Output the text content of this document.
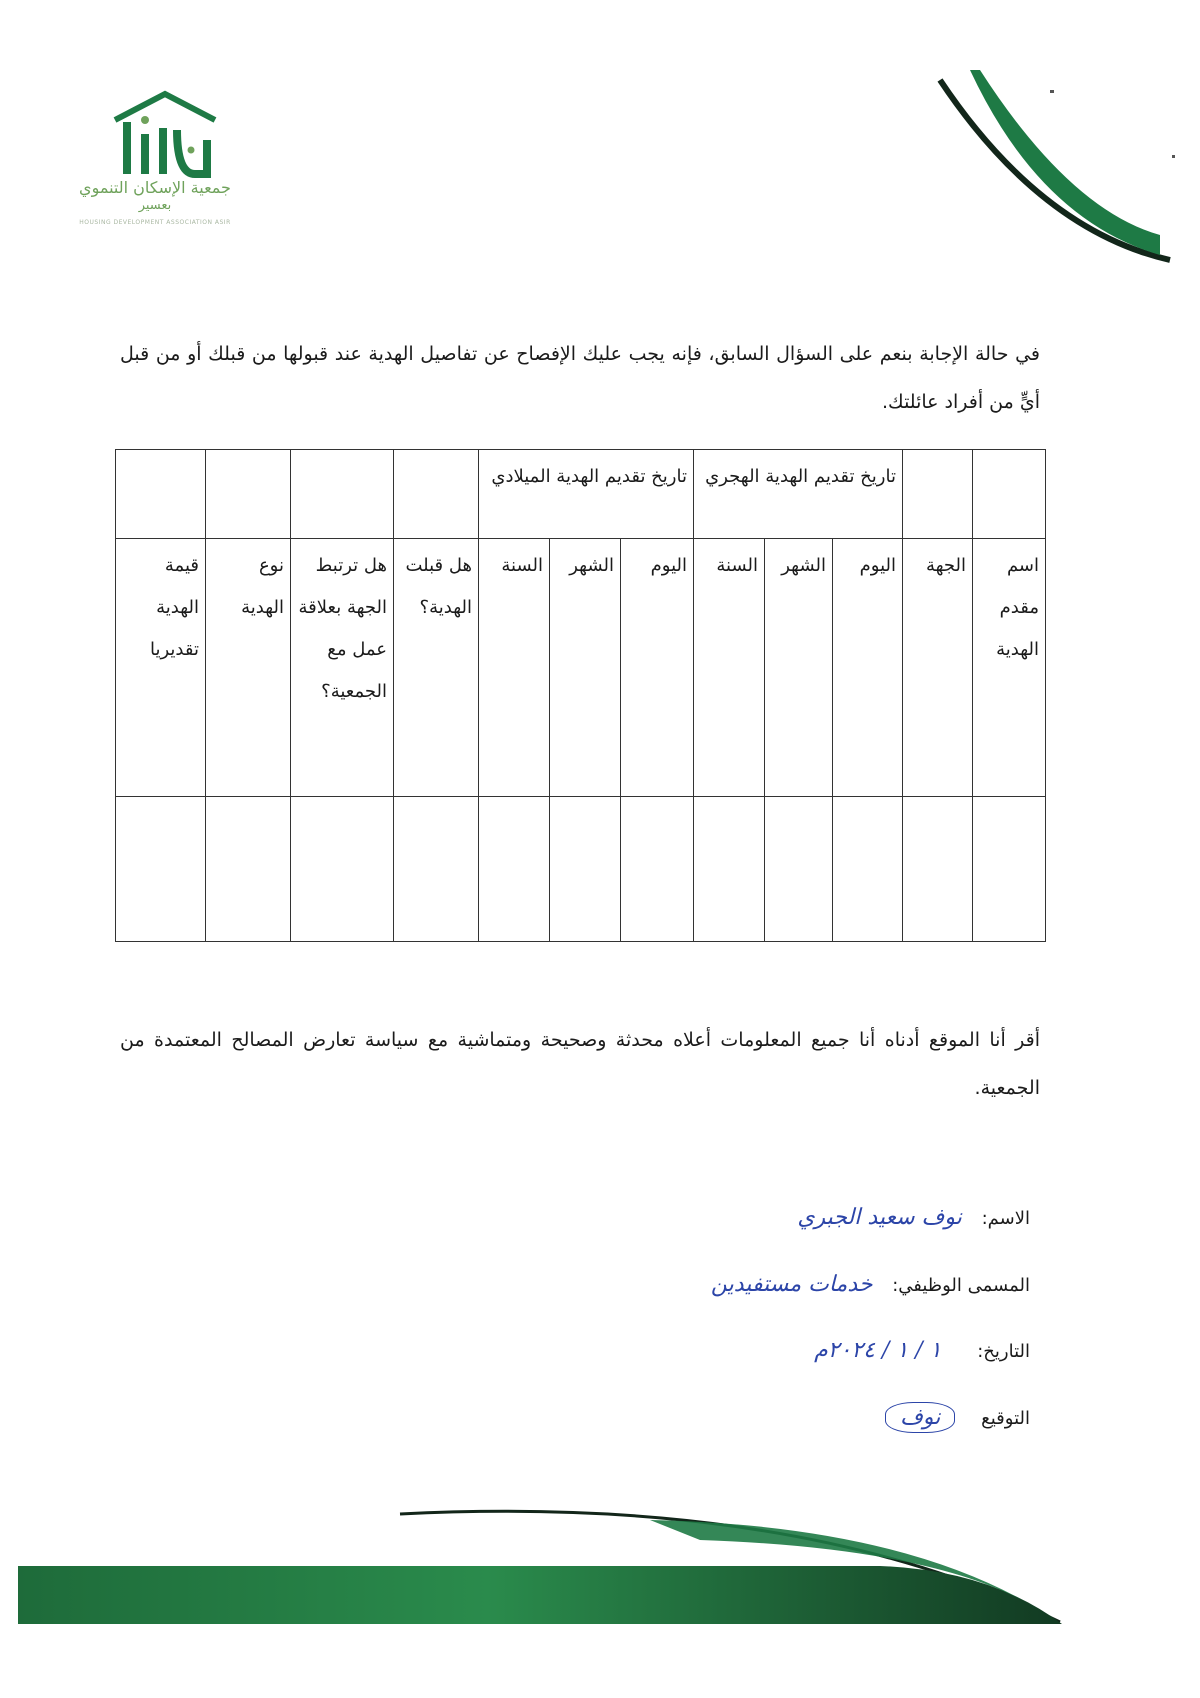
جمعية الإسكان التنموي
بعسير
HOUSING DEVELOPMENT ASSOCIATION ASIR
في حالة الإجابة بنعم على السؤال السابق، فإنه يجب عليك الإفصاح عن تفاصيل الهدية عند قبولها من قبلك أو من قبل أيٍّ من أفراد عائلتك.
		تاريخ تقديم الهدية الهجري			تاريخ تقديم الهدية الميلادي						
اسم مقدم الهدية	الجهة	اليوم	الشهر	السنة	اليوم	الشهر	السنة	هل قبلت الهدية؟	هل ترتبط الجهة بعلاقة عمل مع الجمعية؟	نوع الهدية	قيمة الهدية تقديريا

أقر أنا الموقع أدناه أنا جميع المعلومات أعلاه محدثة وصحيحة ومتماشية مع سياسة تعارض المصالح المعتمدة من الجمعية.
الاسم: نوف سعيد الجبري
المسمى الوظيفي: خدمات مستفيدين
التاريخ: ١ / ١ / ٢٠٢٤م
التوقيع نوف
